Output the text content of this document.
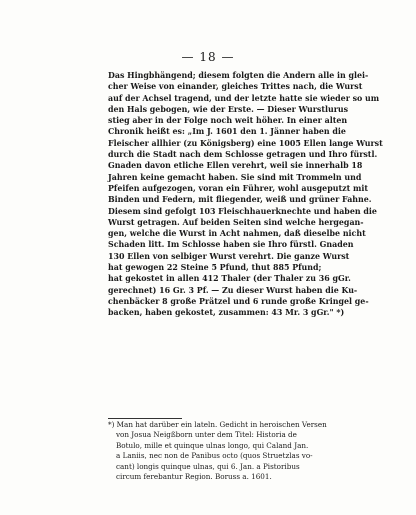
— 18 —
Das Hingbhängend; diesem folgten die Andern alle in glei-
cher Weise von einander, gleiches Trittes nach, die Wurst
auf der Achsel tragend, und der letzte hatte sie wieder so um
den Hals gebogen, wie der Erste. — Dieser Wurstlurus
stieg aber in der Folge noch weit höher. In einer alten
Chronik heißt es: „Im J. 1601 den 1. Jänner haben die
Fleischer allhier (zu Königsberg) eine 1005 Ellen lange Wurst
durch die Stadt nach dem Schlosse getragen und Ihro fürstl.
Gnaden davon etliche Ellen verehrt, weil sie innerhalb 18
Jahren keine gemacht haben. Sie sind mit Trommeln und
Pfeifen aufgezogen, voran ein Führer, wohl ausgeputzt mit
Binden und Federn, mit fliegender, weiß und grüner Fahne.
Diesem sind gefolgt 103 Fleischhauerknechte und haben die
Wurst getragen. Auf beiden Seiten sind welche hergegan-
gen, welche die Wurst in Acht nahmen, daß dieselbe nicht
Schaden litt. Im Schlosse haben sie Ihro fürstl. Gnaden
130 Ellen von selbiger Wurst verehrt. Die ganze Wurst
hat gewogen 22 Steine 5 Pfund, thut 885 Pfund;
hat gekostet in allen 412 Thaler (der Thaler zu 36 gGr.
gerechnet) 16 Gr. 3 Pf. — Zu dieser Wurst haben die Ku-
chenbäcker 8 große Prätzel und 6 runde große Kringel ge-
backen, haben gekostet, zusammen: 43 Mr. 3 gGr." *)
*) Man hat darüber ein lateln. Gedicht in heroischen Versen
von Josua Neigßborn unter dem Titel: Historia de
Botulo, mille et quinque ulnas longo, qui Caland Jan.
a Laniis, nec non de Panibus octo (quos Struetzlas vo-
cant) longis quinque ulnas, qui 6. Jan. a Pistoribus
circum ferebantur Region. Boruss a. 1601.
